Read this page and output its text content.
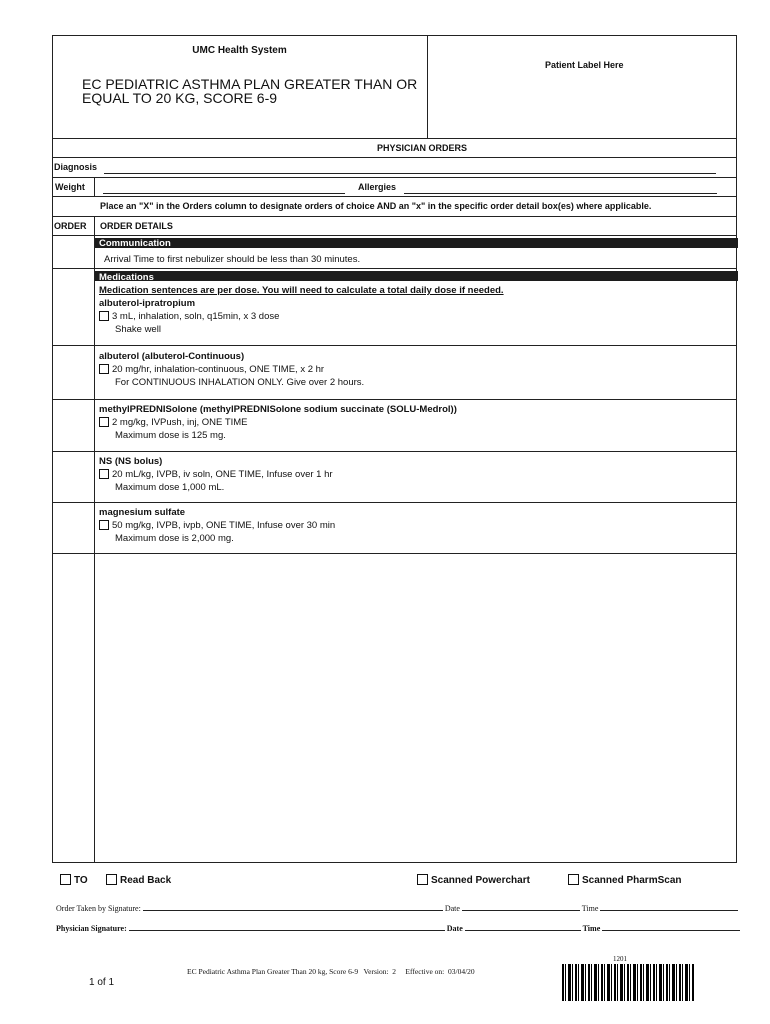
UMC Health System
EC PEDIATRIC ASTHMA PLAN GREATER THAN OR
EQUAL TO 20 KG, SCORE 6-9
Patient Label Here
PHYSICIAN ORDERS
Diagnosis
Weight	Allergies
Place an "X" in the Orders column to designate orders of choice AND an "x" in the specific order detail box(es) where applicable.
ORDER ORDER DETAILS
Communication
Arrival Time to first nebulizer should be less than 30 minutes.
Medications
Medication sentences are per dose. You will need to calculate a total daily dose if needed.
albuterol-ipratropium
3 mL, inhalation, soln, q15min, x 3 dose
Shake well
albuterol (albuterol-Continuous)
20 mg/hr, inhalation-continuous, ONE TIME, x 2 hr
For CONTINUOUS INHALATION ONLY. Give over 2 hours.
methylPREDNISolone (methylPREDNISolone sodium succinate (SOLU-Medrol))
2 mg/kg, IVPush, inj, ONE TIME
Maximum dose is 125 mg.
NS (NS bolus)
20 mL/kg, IVPB, iv soln, ONE TIME, Infuse over 1 hr
Maximum dose 1,000 mL.
magnesium sulfate
50 mg/kg, IVPB, ivpb, ONE TIME, Infuse over 30 min
Maximum dose is 2,000 mg.
TO	Read Back	Scanned Powerchart	Scanned PharmScan
Order Taken by Signature:	Date	Time
Physician Signature:	Date	Time
1 of 1
EC Pediatric Asthma Plan Greater Than 20 kg, Score 6-9   Version:  2     Effective on:  03/04/20
1201
